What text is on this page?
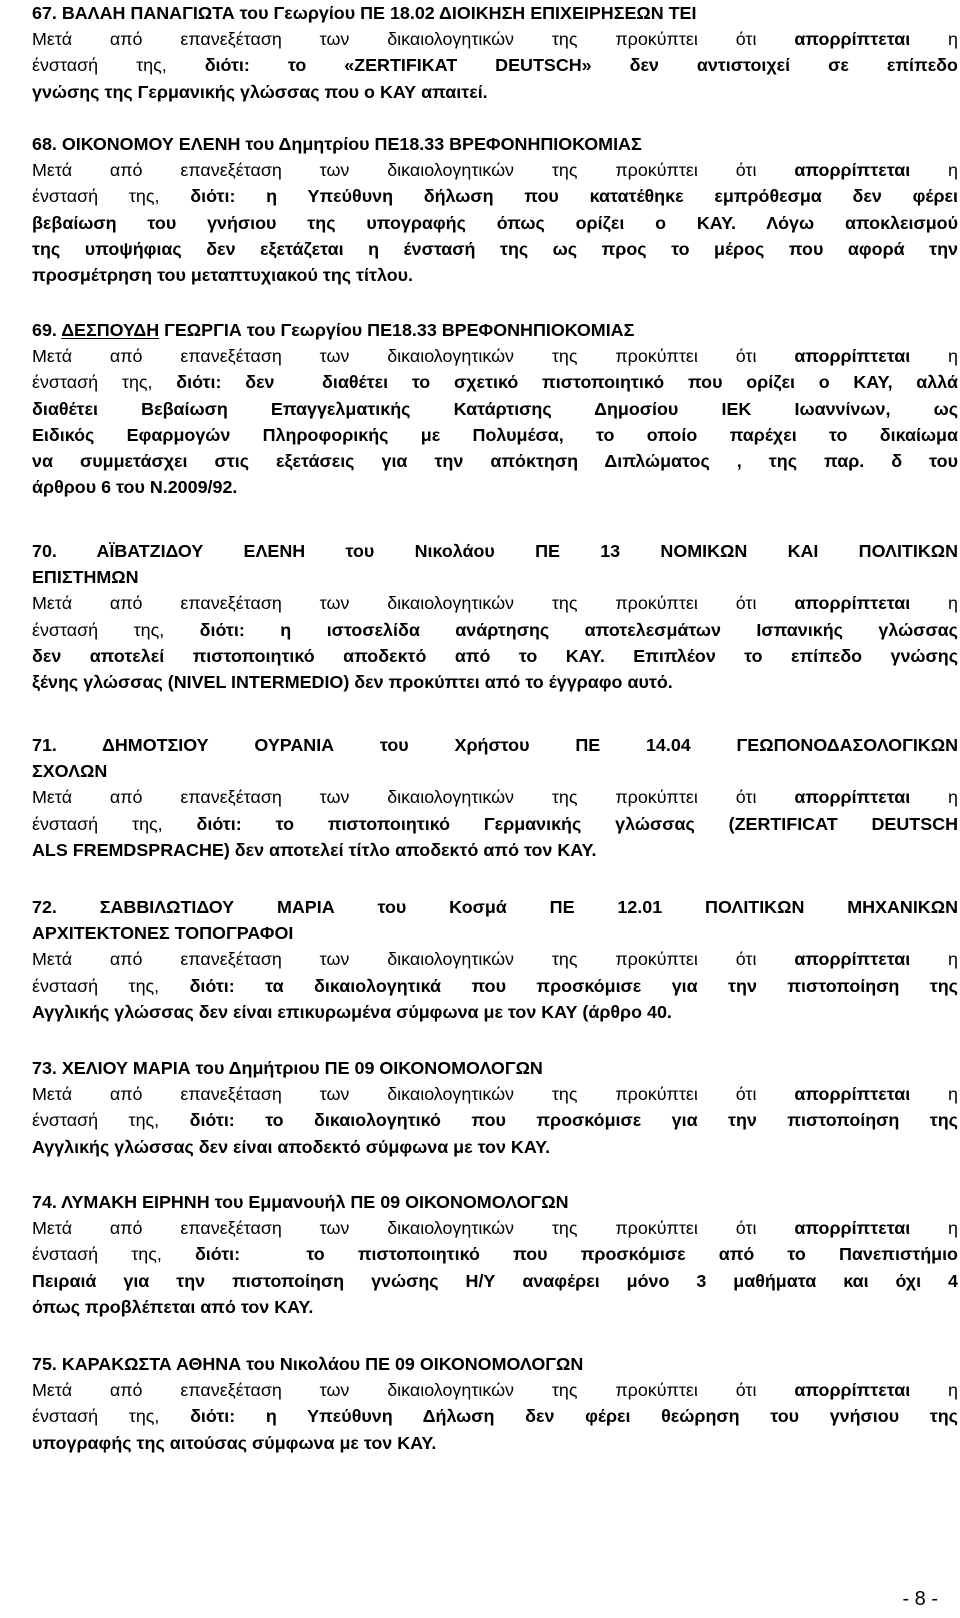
67. ΒΑΛΑΗ ΠΑΝΑΓΙΩΤΑ του Γεωργίου ΠΕ 18.02 ΔΙΟΙΚΗΣΗ ΕΠΙΧΕΙΡΗΣΕΩΝ ΤΕΙ
Μετά από επανεξέταση των δικαιολογητικών της προκύπτει ότι απορρίπτεται η
ένστασή της, διότι: το «ZERTIFIKAT DEUTSCH» δεν αντιστοιχεί σε επίπεδο
γνώσης της Γερμανικής γλώσσας που ο ΚΑΥ απαιτεί.
68. ΟΙΚΟΝΟΜΟΥ ΕΛΕΝΗ του Δημητρίου ΠΕ18.33 ΒΡΕΦΟΝΗΠΙΟΚΟΜΙΑΣ
Μετά από επανεξέταση των δικαιολογητικών της προκύπτει ότι απορρίπτεται η
ένστασή της, διότι: η Υπεύθυνη δήλωση που κατατέθηκε εμπρόθεσμα δεν φέρει
βεβαίωση του γνήσιου της υπογραφής όπως ορίζει ο ΚΑΥ. Λόγω αποκλεισμού
της υποψήφιας δεν εξετάζεται η ένστασή της ως προς το μέρος που αφορά την
προσμέτρηση του μεταπτυχιακού της τίτλου.
69. ΔΕΣΠΟΥΔΗ ΓΕΩΡΓΙΑ του Γεωργίου ΠΕ18.33 ΒΡΕΦΟΝΗΠΙΟΚΟΜΙΑΣ
Μετά από επανεξέταση των δικαιολογητικών της προκύπτει ότι απορρίπτεται η
ένστασή της, διότι: δεν  διαθέτει το σχετικό πιστοποιητικό που ορίζει ο ΚΑΥ, αλλά
διαθέτει Βεβαίωση Επαγγελματικής Κατάρτισης Δημοσίου ΙΕΚ Ιωαννίνων, ως
Ειδικός Εφαρμογών Πληροφορικής με Πολυμέσα, το οποίο παρέχει το δικαίωμα
να συμμετάσχει στις εξετάσεις για την απόκτηση Διπλώματος , της παρ. δ του
άρθρου 6 του Ν.2009/92.
70. ΑΪΒΑΤΖΙΔΟΥ ΕΛΕΝΗ του Νικολάου ΠΕ 13 ΝΟΜΙΚΩΝ ΚΑΙ ΠΟΛΙΤΙΚΩΝ
ΕΠΙΣΤΗΜΩΝ
Μετά από επανεξέταση των δικαιολογητικών της προκύπτει ότι απορρίπτεται η
ένστασή της, διότι: η ιστοσελίδα ανάρτησης αποτελεσμάτων Ισπανικής γλώσσας
δεν αποτελεί πιστοποιητικό αποδεκτό από το ΚΑΥ. Επιπλέον το επίπεδο γνώσης
ξένης γλώσσας (NIVEL INTERMEDIO) δεν προκύπτει από το έγγραφο αυτό.
71. ΔΗΜΟΤΣΙΟΥ ΟΥΡΑΝΙΑ του Χρήστου ΠΕ 14.04 ΓΕΩΠΟΝΟΔΑΣΟΛΟΓΙΚΩΝ
ΣΧΟΛΩΝ
Μετά από επανεξέταση των δικαιολογητικών της προκύπτει ότι απορρίπτεται η
ένστασή της, διότι: το πιστοποιητικό Γερμανικής γλώσσας (ZERTIFICAT DEUTSCH
ALS FREMDSPRACHE) δεν αποτελεί τίτλο αποδεκτό από τον ΚΑΥ.
72. ΣΑΒΒΙΛΩΤΙΔΟΥ ΜΑΡΙΑ του Κοσμά ΠΕ 12.01 ΠΟΛΙΤΙΚΩΝ ΜΗΧΑΝΙΚΩΝ
ΑΡΧΙΤΕΚΤΟΝΕΣ ΤΟΠΟΓΡΑΦΟΙ
Μετά από επανεξέταση των δικαιολογητικών της προκύπτει ότι απορρίπτεται η
ένστασή της, διότι: τα δικαιολογητικά που προσκόμισε για την πιστοποίηση της
Αγγλικής γλώσσας δεν είναι επικυρωμένα σύμφωνα με τον ΚΑΥ (άρθρο 40.
73. ΧΕΛΙΟΥ ΜΑΡΙΑ του Δημήτριου ΠΕ 09 ΟΙΚΟΝΟΜΟΛΟΓΩΝ
Μετά από επανεξέταση των δικαιολογητικών της προκύπτει ότι απορρίπτεται η
ένστασή της, διότι: το δικαιολογητικό που προσκόμισε για την πιστοποίηση της
Αγγλικής γλώσσας δεν είναι αποδεκτό σύμφωνα με τον ΚΑΥ.
74. ΛΥΜΑΚΗ ΕΙΡΗΝΗ του Εμμανουήλ ΠΕ 09 ΟΙΚΟΝΟΜΟΛΟΓΩΝ
Μετά από επανεξέταση των δικαιολογητικών της προκύπτει ότι απορρίπτεται η
ένστασή της, διότι:  το πιστοποιητικό που προσκόμισε από το Πανεπιστήμιο
Πειραιά για την πιστοποίηση γνώσης Η/Υ αναφέρει μόνο 3 μαθήματα και όχι 4
όπως προβλέπεται από τον ΚΑΥ.
75. ΚΑΡΑΚΩΣΤΑ ΑΘΗΝΑ του Νικολάου ΠΕ 09 ΟΙΚΟΝΟΜΟΛΟΓΩΝ
Μετά από επανεξέταση των δικαιολογητικών της προκύπτει ότι απορρίπτεται η
ένστασή της, διότι: η Υπεύθυνη Δήλωση δεν φέρει θεώρηση του γνήσιου της
υπογραφής της αιτούσας σύμφωνα με τον ΚΑΥ.
- 8 -
